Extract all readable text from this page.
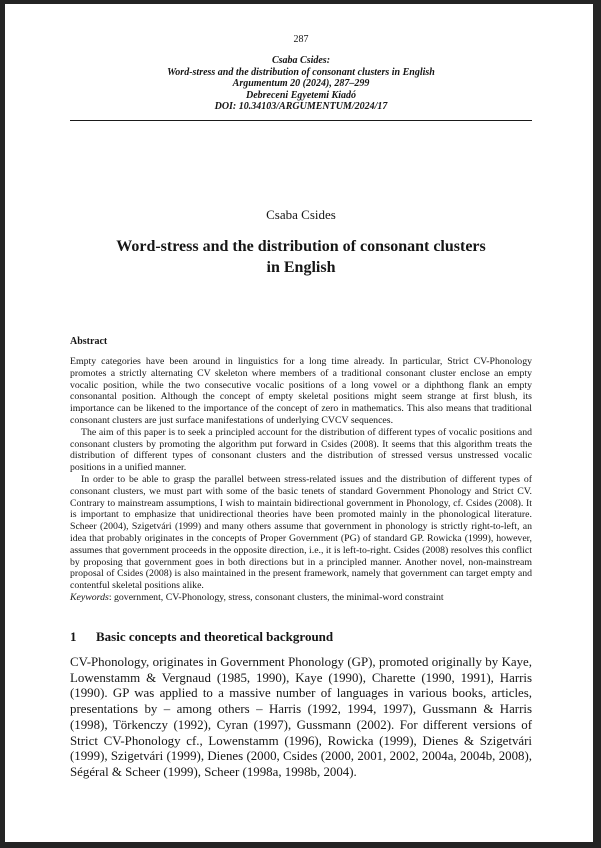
287
Csaba Csides:
Word-stress and the distribution of consonant clusters in English
Argumentum 20 (2024), 287–299
Debreceni Egyetemi Kiadó
DOI: 10.34103/ARGUMENTUM/2024/17
Csaba Csides
Word-stress and the distribution of consonant clusters
in English
Abstract

Empty categories have been around in linguistics for a long time already. In particular, Strict CV-Phonology promotes a strictly alternating CV skeleton where members of a traditional consonant cluster enclose an empty vocalic position, while the two consecutive vocalic positions of a long vowel or a diphthong flank an empty consonantal position. Although the concept of empty skeletal positions might seem strange at first blush, its importance can be likened to the importance of the concept of zero in mathematics. This also means that traditional consonant clusters are just surface manifestations of underlying CVCV sequences.

The aim of this paper is to seek a principled account for the distribution of different types of vocalic positions and consonant clusters by promoting the algorithm put forward in Csides (2008). It seems that this algorithm treats the distribution of different types of consonant clusters and the distribution of stressed versus unstressed vocalic positions in a unified manner.

In order to be able to grasp the parallel between stress-related issues and the distribution of different types of consonant clusters, we must part with some of the basic tenets of standard Government Phonology and Strict CV. Contrary to mainstream assumptions, I wish to maintain bidirectional government in Phonology, cf. Csides (2008). It is important to emphasize that unidirectional theories have been promoted mainly in the phonological literature. Scheer (2004), Szigetvári (1999) and many others assume that government in phonology is strictly right-to-left, an idea that probably originates in the concepts of Proper Government (PG) of standard GP. Rowicka (1999), however, assumes that government proceeds in the opposite direction, i.e., it is left-to-right. Csides (2008) resolves this conflict by proposing that government goes in both directions but in a principled manner. Another novel, non-mainstream proposal of Csides (2008) is also maintained in the present framework, namely that government can target empty and contentful skeletal positions alike.

Keywords: government, CV-Phonology, stress, consonant clusters, the minimal-word constraint

1 Basic concepts and theoretical background

CV-Phonology, originates in Government Phonology (GP), promoted originally by Kaye, Lowenstamm & Vergnaud (1985, 1990), Kaye (1990), Charette (1990, 1991), Harris (1990). GP was applied to a massive number of languages in various books, articles, presentations by – among others – Harris (1992, 1994, 1997), Gussmann & Harris (1998), Törkenczy (1992), Cyran (1997), Gussmann (2002). For different versions of Strict CV-Phonology cf., Lowenstamm (1996), Rowicka (1999), Dienes & Szigetvári (1999), Szigetvári (1999), Dienes (2000, Csides (2000, 2001, 2002, 2004a, 2004b, 2008), Ségéral & Scheer (1999), Scheer (1998a, 1998b, 2004).
